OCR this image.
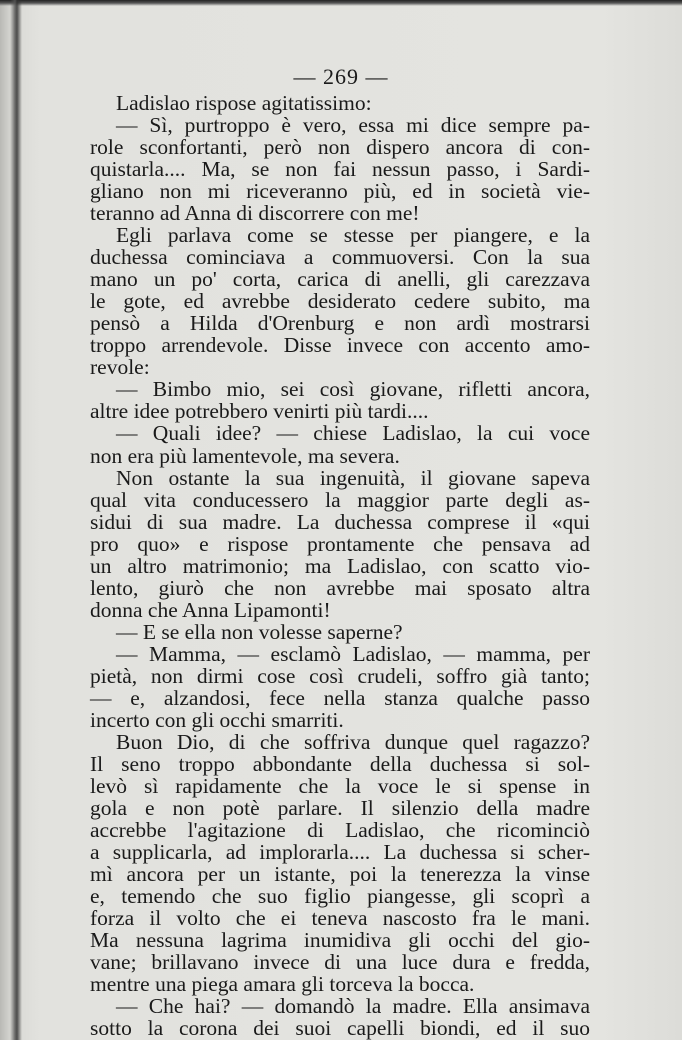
— 269 —
Ladislao rispose agitatissimo:
— Sì, purtroppo è vero, essa mi dice sempre pa-
role sconfortanti, però non dispero ancora di con-
quistarla.... Ma, se non fai nessun passo, i Sardi-
gliano non mi riceveranno più, ed in società vie-
teranno ad Anna di discorrere con me!
Egli parlava come se stesse per piangere, e la
duchessa cominciava a commuoversi. Con la sua
mano un po' corta, carica di anelli, gli carezzava
le gote, ed avrebbe desiderato cedere subito, ma
pensò a Hilda d'Orenburg e non ardì mostrarsi
troppo arrendevole. Disse invece con accento amo-
revole:
— Bimbo mio, sei così giovane, rifletti ancora,
altre idee potrebbero venirti più tardi....
— Quali idee? — chiese Ladislao, la cui voce
non era più lamentevole, ma severa.
Non ostante la sua ingenuità, il giovane sapeva
qual vita conducessero la maggior parte degli as-
sidui di sua madre. La duchessa comprese il «qui
pro quo» e rispose prontamente che pensava ad
un altro matrimonio; ma Ladislao, con scatto vio-
lento, giurò che non avrebbe mai sposato altra
donna che Anna Lipamonti!
— E se ella non volesse saperne?
— Mamma, — esclamò Ladislao, — mamma, per
pietà, non dirmi cose così crudeli, soffro già tanto;
— e, alzandosi, fece nella stanza qualche passo
incerto con gli occhi smarriti.
Buon Dio, di che soffriva dunque quel ragazzo?
Il seno troppo abbondante della duchessa si sol-
levò sì rapidamente che la voce le si spense in
gola e non potè parlare. Il silenzio della madre
accrebbe l'agitazione di Ladislao, che ricominciò
a supplicarla, ad implorarla.... La duchessa si scher-
mì ancora per un istante, poi la tenerezza la vinse
e, temendo che suo figlio piangesse, gli scoprì a
forza il volto che ei teneva nascosto fra le mani.
Ma nessuna lagrima inumidiva gli occhi del gio-
vane; brillavano invece di una luce dura e fredda,
mentre una piega amara gli torceva la bocca.
— Che hai? — domandò la madre. Ella ansimava
sotto la corona dei suoi capelli biondi, ed il suo
